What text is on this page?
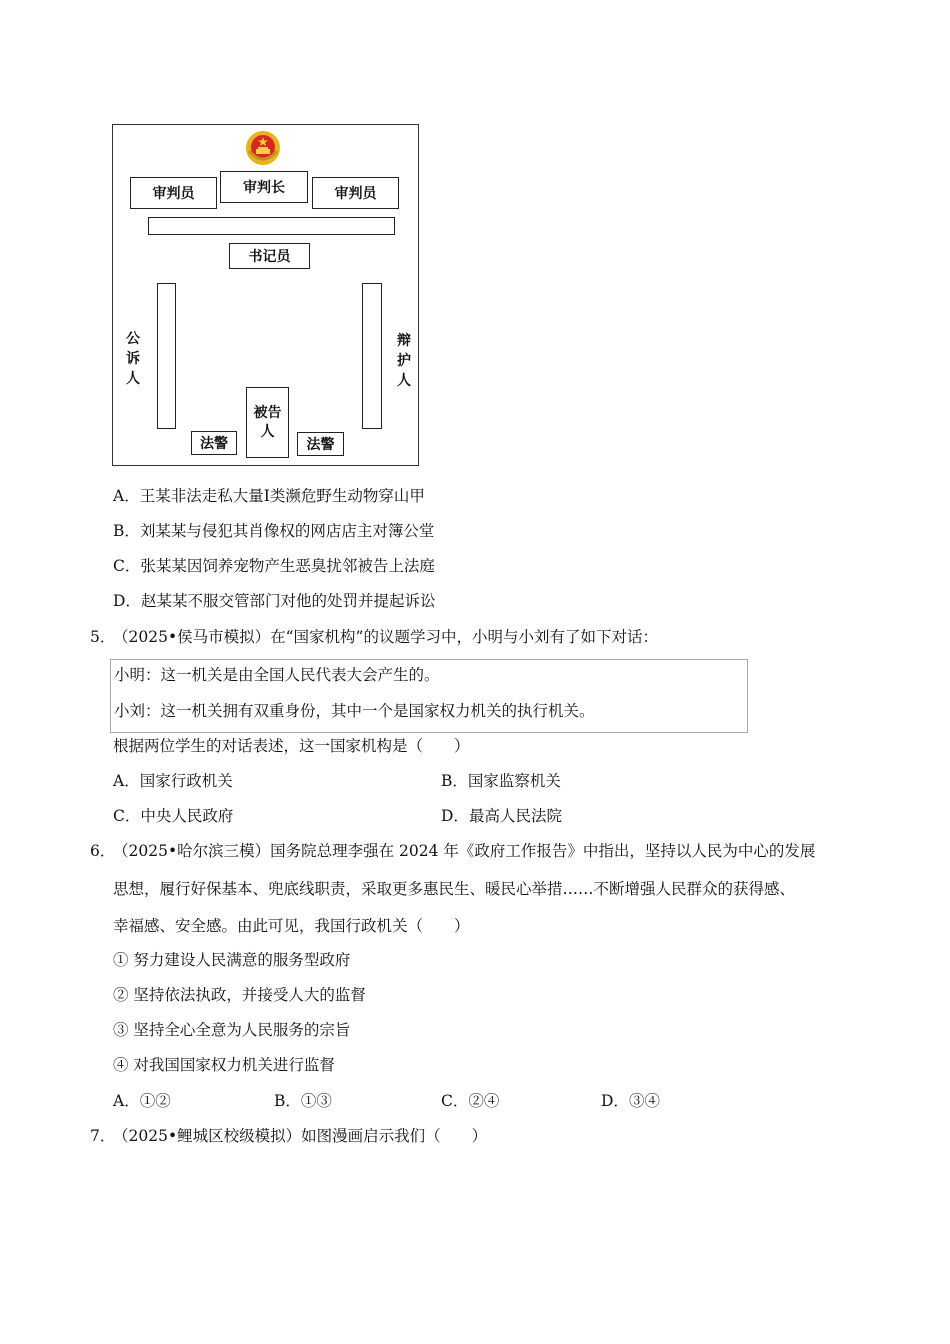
审判员	审判长	审判员
书记员
公诉人
辩护人
被告人
法警	法警
A．王某非法走私大量Ⅰ类濒危野生动物穿山甲
B．刘某某与侵犯其肖像权的网店店主对簿公堂
C．张某某因饲养宠物产生恶臭扰邻被告上法庭
D．赵某某不服交管部门对他的处罚并提起诉讼
5．
（2025•侯马市模拟）在“国家机构”的议题学习中，小明与小刘有了如下对话：
小明：这一机关是由全国人民代表大会产生的。
小刘：这一机关拥有双重身份，其中一个是国家权力机关的执行机关。
根据两位学生的对话表述，这一国家机构是（　　）
A．国家行政机关	B．国家监察机关
C．中央人民政府	D．最高人民法院
6．
（2025•哈尔滨三模）国务院总理李强在 2024 年《政府工作报告》中指出，坚持以人民为中心的发展
思想，履行好保基本、兜底线职责，采取更多惠民生、暖民心举措……不断增强人民群众的获得感、
幸福感、安全感。由此可见，我国行政机关（　　）
① 努力建设人民满意的服务型政府
② 坚持依法执政，并接受人大的监督
③ 坚持全心全意为人民服务的宗旨
④ 对我国国家权力机关进行监督
A．①②	B．①③	C．②④	D．③④
7．
（2025•鲤城区校级模拟）如图漫画启示我们（　　）
